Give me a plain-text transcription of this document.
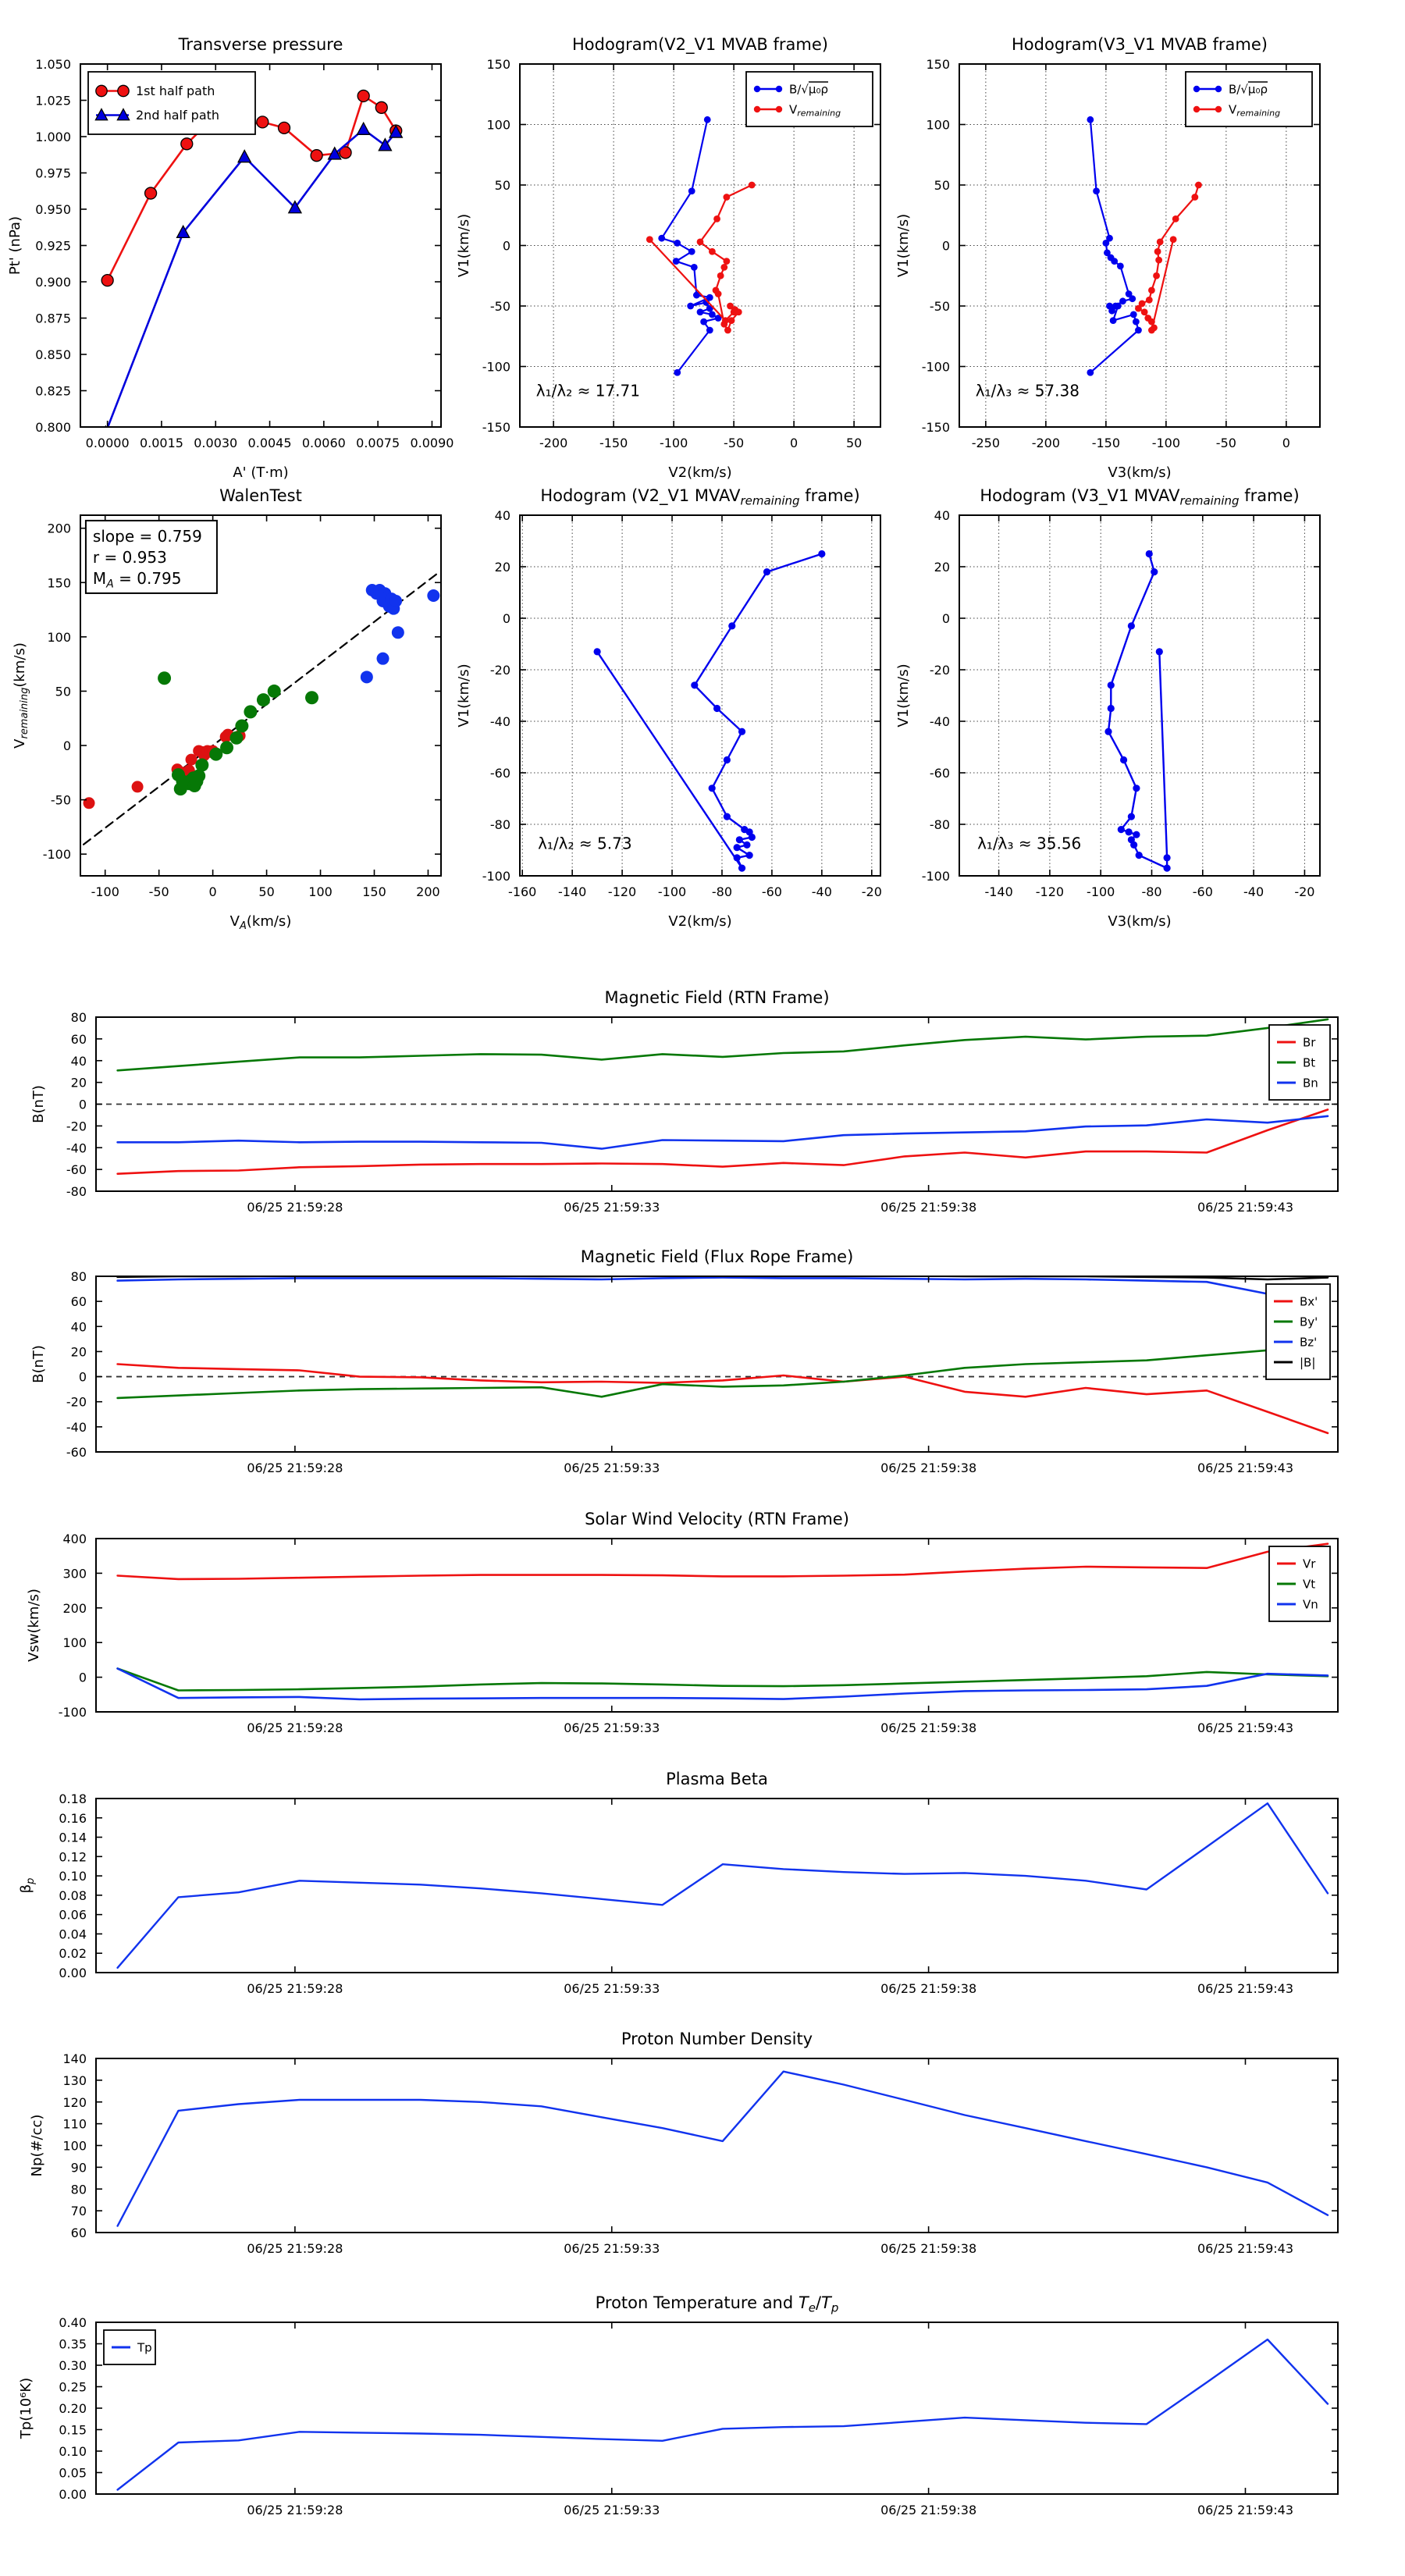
0.0000 0.0015 0.0030 0.0045 0.0060 0.0075 0.0090
0.800
0.825
0.850
0.875
0.900
0.925
0.950
0.975
1.000
1.025
1.050
Transverse pressure
A' (T·m)
Pt' (nPa)
1st half path
2nd half path
-200	-150	-100	-50	0	50
-150
-100
-50
0
50
100
150
Hodogram(V2_V1 MVAB frame)
V2(km/s)
V1(km/s)
B/√μ₀ρ
$V_{remaining}$
λ₁/λ₂ ≈ 17.71
-250	-200	-150	-100	-50	0
-150
-100
-50
0
50
100
150
Hodogram(V3_V1 MVAB frame)
V3(km/s)
V1(km/s)
B/√μ₀ρ
$V_{remaining}$
λ₁/λ₃ ≈ 57.38
-100 -50	0	50	100 150 200
-100
-50
0
50
100
150
200
WalenTest
$V_A(km/s)$
$V_{remaining}(km/s)$
slope = 0.759
r = 0.953
$M_A = 0.795$
-160 -140 -120 -100 -80 -60 -40 -20
-100
-80
-60
-40
-20
0
20
40
Hodogram (V2_V1 $MVAV_{remaining}$ frame)
V2(km/s)
V1(km/s)
λ₁/λ₂ ≈ 5.73
-140 -120 -100 -80 -60 -40 -20
-100
-80
-60
-40
-20
0
20
40
Hodogram (V3_V1 $MVAV_{remaining}$ frame)
V3(km/s)
V1(km/s)
λ₁/λ₃ ≈ 35.56
06/25 21:59:28	06/25 21:59:33	06/25 21:59:38	06/25 21:59:43
-80
-60
-40
-20
0
20
40
60
80
Magnetic Field (RTN Frame)
B(nT)
Br
Bt
Bn
06/25 21:59:28	06/25 21:59:33	06/25 21:59:38	06/25 21:59:43
-60
-40
-20
0
20
40
60
80
Magnetic Field (Flux Rope Frame)
B(nT)
Bx'
By'
Bz'
|B|
06/25 21:59:28	06/25 21:59:33	06/25 21:59:38	06/25 21:59:43
-100
0
100
200
300
400
Solar Wind Velocity (RTN Frame)
Vsw(km/s)
Vr
Vt
Vn
06/25 21:59:28	06/25 21:59:33	06/25 21:59:38	06/25 21:59:43
0.00
0.02
0.04
0.06
0.08
0.10
0.12
0.14
0.16
0.18
Plasma Beta
$\beta_p$
06/25 21:59:28	06/25 21:59:33	06/25 21:59:38	06/25 21:59:43
60
70
80
90
100
110
120
130
140
Proton Number Density
Np(#/cc)
06/25 21:59:28	06/25 21:59:33	06/25 21:59:38	06/25 21:59:43
0.00
0.05
0.10
0.15
0.20
0.25
0.30
0.35
0.40
Proton Temperature and $T_e/T_p$
Tp(10⁶K)
Tp
